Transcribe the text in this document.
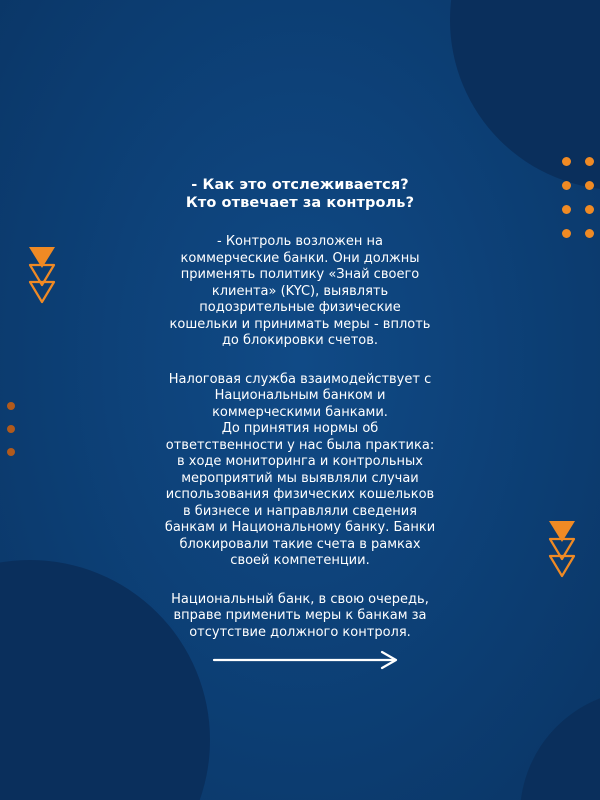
- Как это отслеживается?
Кто отвечает за контроль?

- Контроль возложен на
коммерческие банки. Они должны
применять политику «Знай своего
клиента» (KYC), выявлять
подозрительные физические
кошельки и принимать меры - вплоть
до блокировки счетов.

Налоговая служба взаимодействует с
Национальным банком и
коммерческими банками.
До принятия нормы об
ответственности у нас была практика:
в ходе мониторинга и контрольных
мероприятий мы выявляли случаи
использования физических кошельков
в бизнесе и направляли сведения
банкам и Национальному банку. Банки
блокировали такие счета в рамках
своей компетенции.

Национальный банк, в свою очередь,
вправе применить меры к банкам за
отсутствие должного контроля.
